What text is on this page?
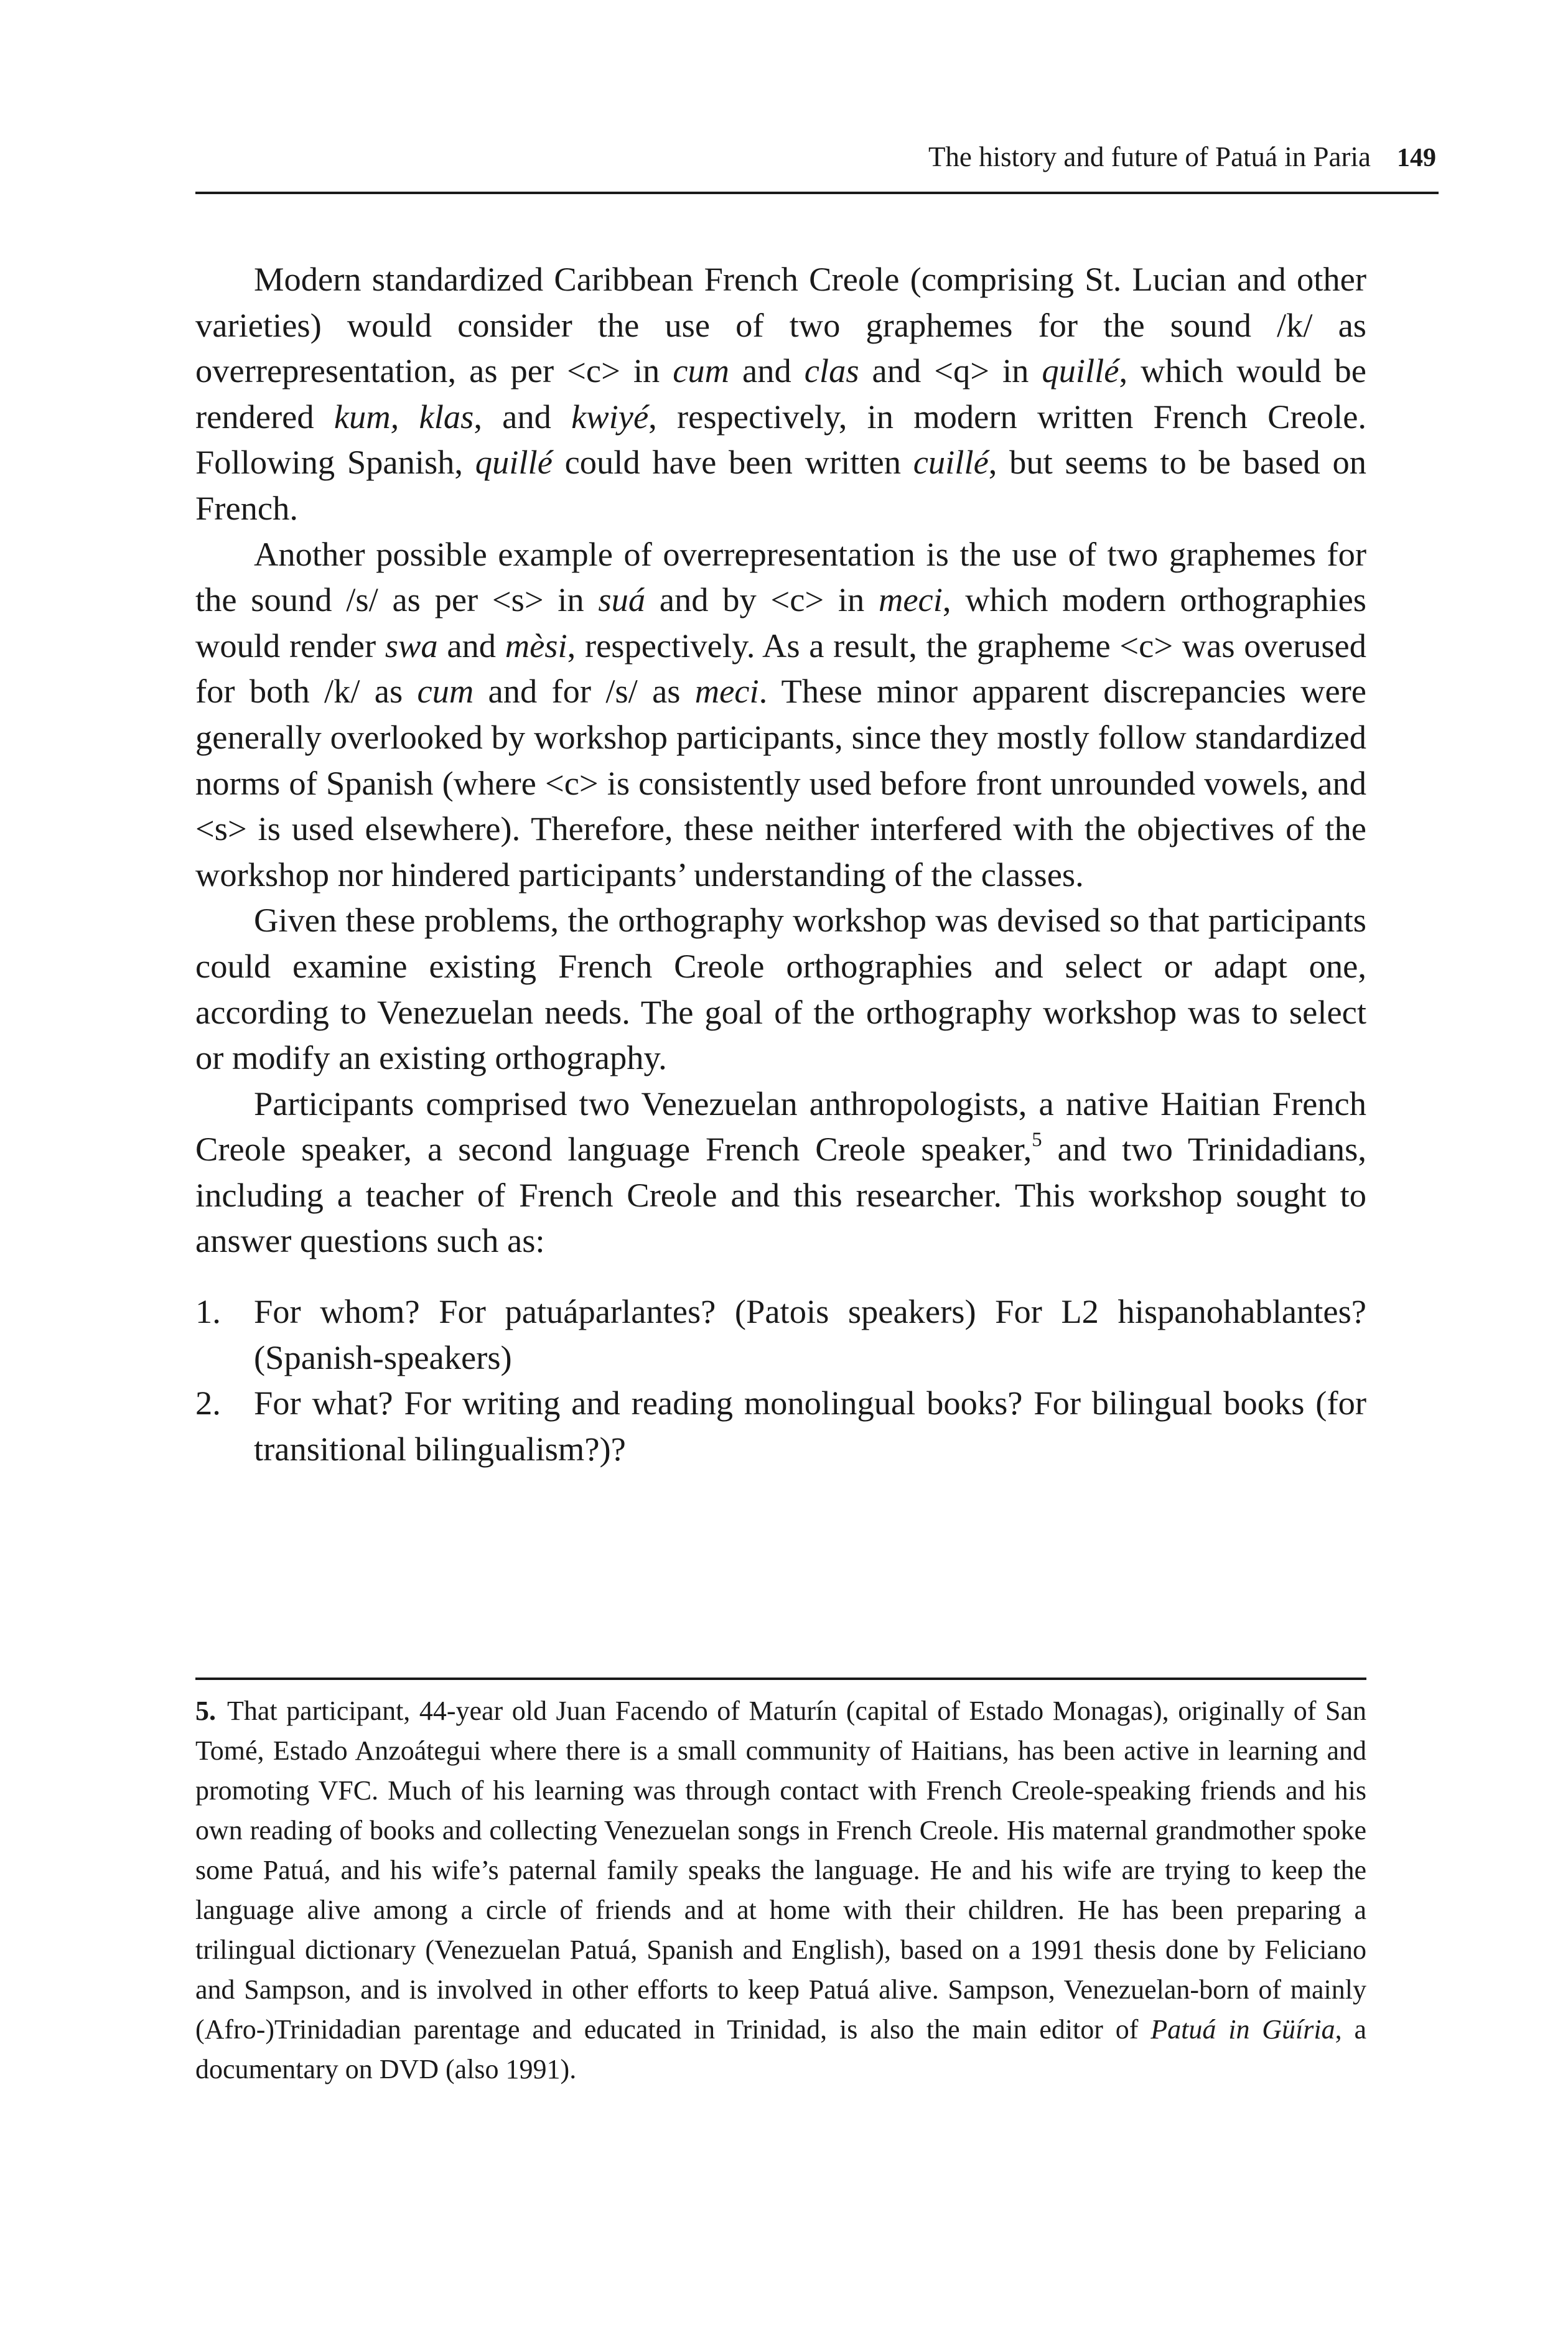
The history and future of Patuá in Paria 149

Modern standardized Caribbean French Creole (comprising St. Lucian and other varieties) would consider the use of two graphemes for the sound /k/ as overrepresentation, as per <c> in cum and clas and <q> in quillé, which would be rendered kum, klas, and kwiyé, respectively, in modern written French Creole. Following Spanish, quillé could have been written cuillé, but seems to be based on French.

Another possible example of overrepresentation is the use of two graphemes for the sound /s/ as per <s> in suá and by <c> in meci, which modern orthographies would render swa and mèsi, respectively. As a result, the grapheme <c> was overused for both /k/ as cum and for /s/ as meci. These minor apparent discrepancies were generally overlooked by workshop participants, since they mostly follow standardized norms of Spanish (where <c> is consistently used before front unrounded vowels, and <s> is used elsewhere). Therefore, these neither interfered with the objectives of the workshop nor hindered participants’ understanding of the classes.

Given these problems, the orthography workshop was devised so that participants could examine existing French Creole orthographies and select or adapt one, according to Venezuelan needs. The goal of the orthography workshop was to select or modify an existing orthography.

Participants comprised two Venezuelan anthropologists, a native Haitian French Creole speaker, a second language French Creole speaker,$^5$ and two Trinidadians, including a teacher of French Creole and this researcher. This workshop sought to answer questions such as:

1. For whom? For patuáparlantes? (Patois speakers) For L2 hispanohablantes? (Spanish-speakers)
2. For what? For writing and reading monolingual books? For bilingual books (for transitional bilingualism?)?

5. That participant, 44-year old Juan Facendo of Maturín (capital of Estado Monagas), originally of San Tomé, Estado Anzoátegui where there is a small community of Haitians, has been active in learning and promoting VFC. Much of his learning was through contact with French Creole-speaking friends and his own reading of books and collecting Venezuelan songs in French Creole. His maternal grandmother spoke some Patuá, and his wife’s paternal family speaks the language. He and his wife are trying to keep the language alive among a circle of friends and at home with their children. He has been preparing a trilingual dictionary (Venezuelan Patuá, Spanish and English), based on a 1991 thesis done by Feliciano and Sampson, and is involved in other efforts to keep Patuá alive. Sampson, Venezuelan-born of mainly (Afro-)Trinidadian parentage and educated in Trinidad, is also the main editor of Patuá in Güíria, a documentary on DVD (also 1991).
